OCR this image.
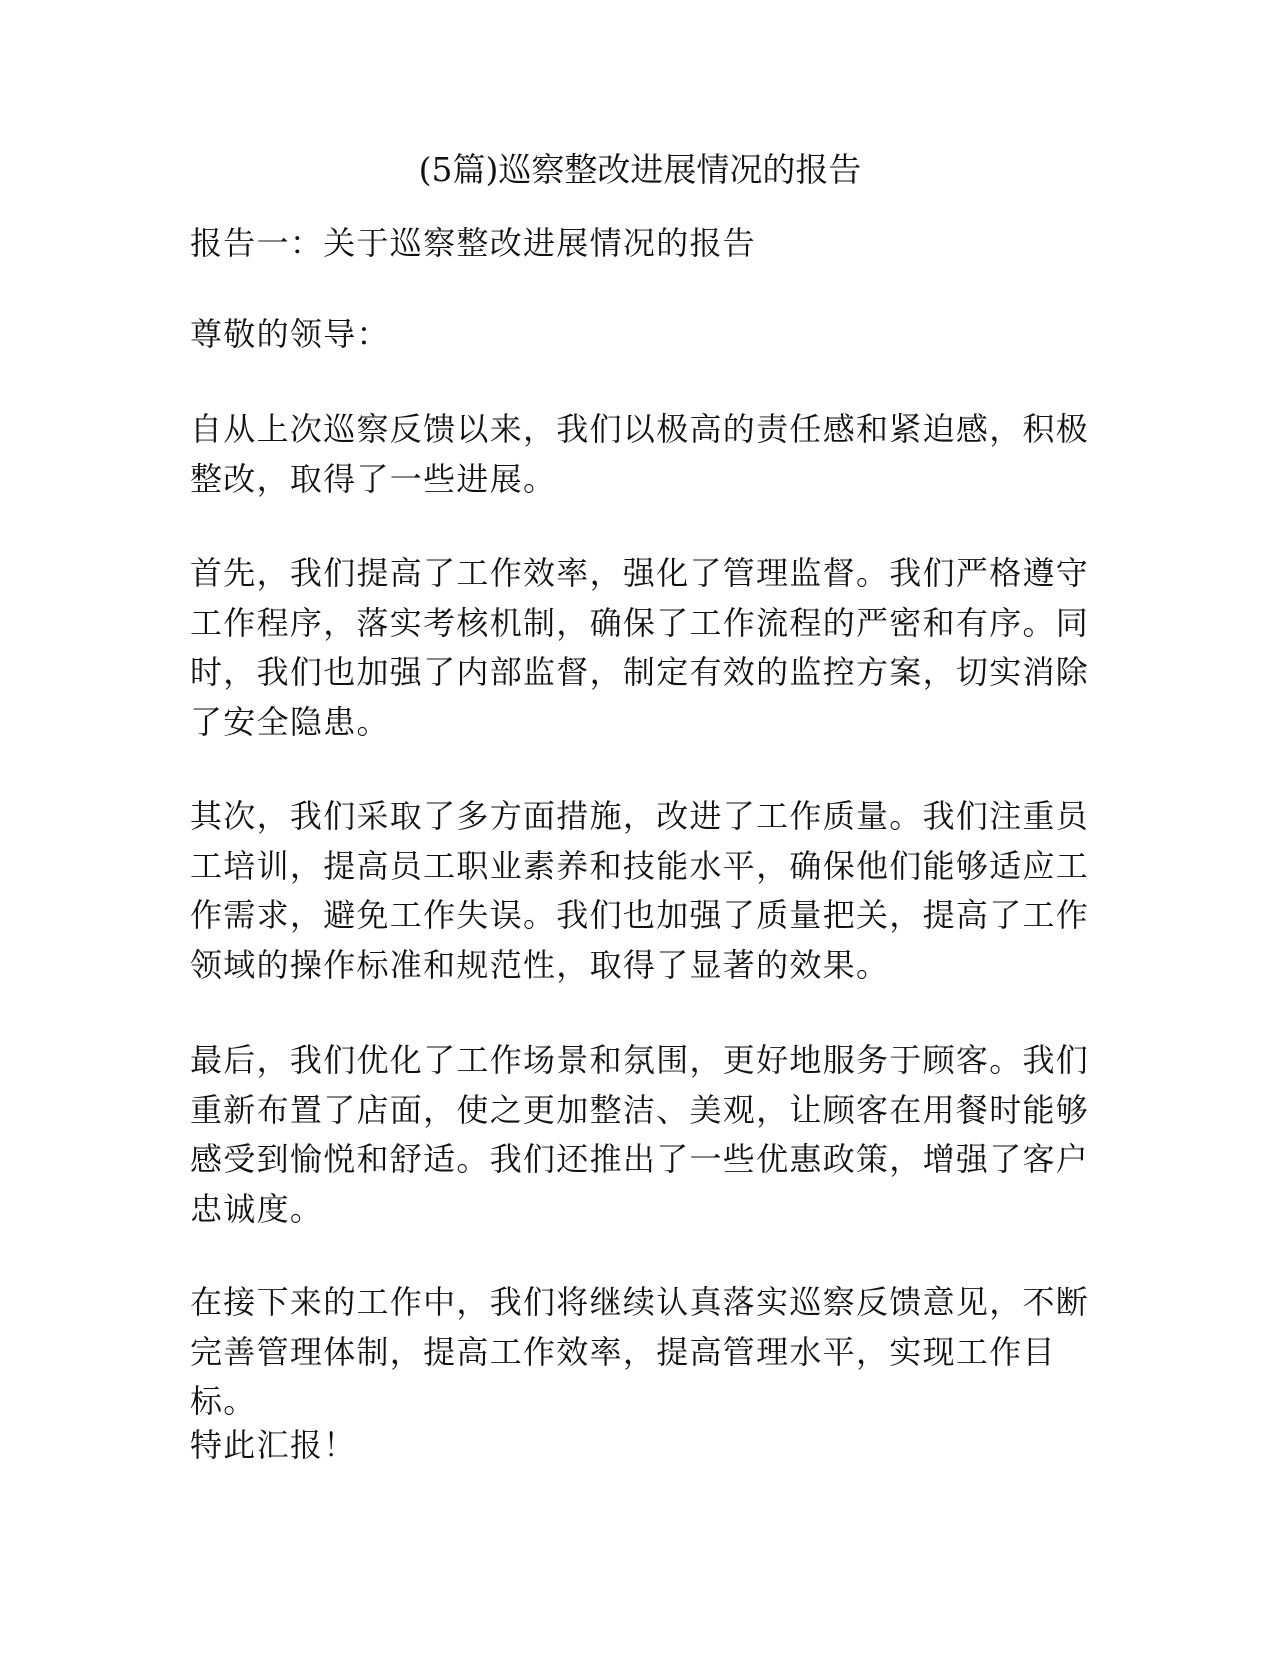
(5篇)巡察整改进展情况的报告

报告一：关于巡察整改进展情况的报告

尊敬的领导：

自从上次巡察反馈以来，我们以极高的责任感和紧迫感，积极
整改，取得了一些进展。

首先，我们提高了工作效率，强化了管理监督。我们严格遵守
工作程序，落实考核机制，确保了工作流程的严密和有序。同
时，我们也加强了内部监督，制定有效的监控方案，切实消除
了安全隐患。

其次，我们采取了多方面措施，改进了工作质量。我们注重员
工培训，提高员工职业素养和技能水平，确保他们能够适应工
作需求，避免工作失误。我们也加强了质量把关，提高了工作
领域的操作标准和规范性，取得了显著的效果。

最后，我们优化了工作场景和氛围，更好地服务于顾客。我们
重新布置了店面，使之更加整洁、美观，让顾客在用餐时能够
感受到愉悦和舒适。我们还推出了一些优惠政策，增强了客户
忠诚度。

在接下来的工作中，我们将继续认真落实巡察反馈意见，不断
完善管理体制，提高工作效率，提高管理水平，实现工作目标。

特此汇报！
